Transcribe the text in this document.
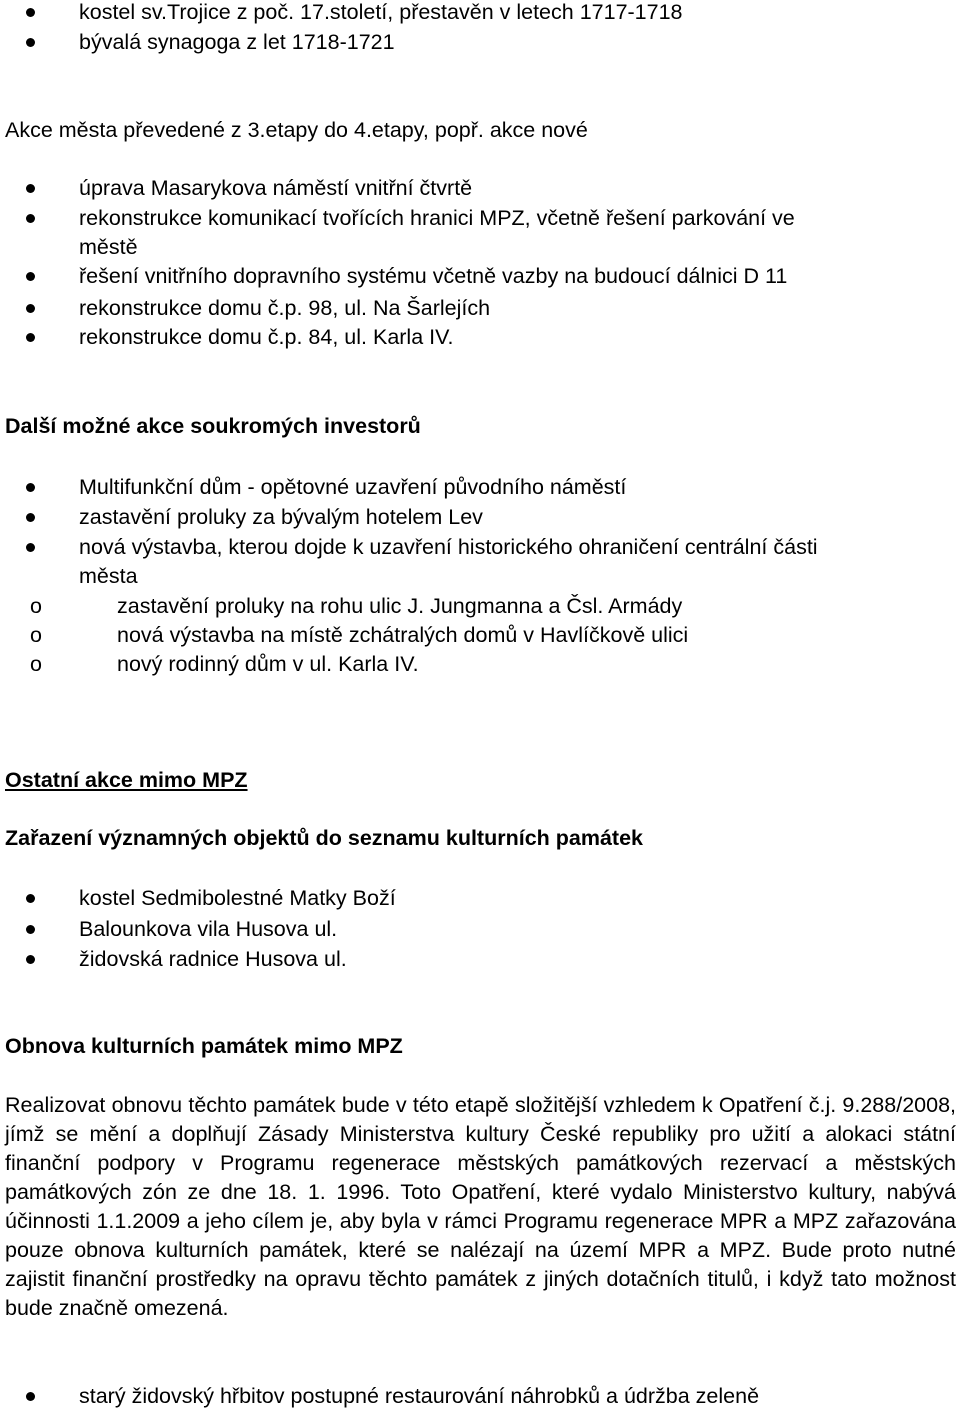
kostel sv.Trojice z poč. 17.století, přestavěn v letech 1717-1718
bývalá synagoga z let 1718-1721
Akce města převedené z 3.etapy do 4.etapy, popř. akce nové
úprava Masarykova náměstí vnitřní čtvrtě
rekonstrukce komunikací tvořících hranici MPZ, včetně řešení parkování ve
městě
řešení vnitřního dopravního systému včetně vazby na budoucí dálnici D 11
rekonstrukce domu č.p. 98, ul. Na Šarlejích
rekonstrukce domu č.p. 84, ul. Karla IV.
Další možné akce soukromých investorů
Multifunkční dům - opětovné uzavření původního náměstí
zastavění proluky za bývalým hotelem Lev
nová výstavba, kterou dojde k uzavření historického ohraničení centrální části
města
o	zastavění proluky na rohu ulic J. Jungmanna a Čsl. Armády
o	nová výstavba na místě zchátralých domů v Havlíčkově ulici
o	nový rodinný dům v ul. Karla IV.
Ostatní akce mimo MPZ
Zařazení významných objektů do seznamu kulturních památek
kostel Sedmibolestné Matky Boží
Balounkova vila Husova ul.
židovská radnice Husova ul.
Obnova kulturních památek mimo MPZ

Realizovat obnovu těchto památek bude v této etapě složitější vzhledem k Opatření č.j. 9.288/2008, jímž se mění a doplňují Zásady Ministerstva kultury České republiky pro užití a alokaci státní finanční podpory v Programu regenerace městských památkových rezervací a městských památkových zón ze dne 18. 1. 1996. Toto Opatření, které vydalo Ministerstvo kultury, nabývá účinnosti 1.1.2009 a jeho cílem je, aby byla v rámci Programu regenerace MPR a MPZ zařazována pouze obnova kulturních památek, které se nalézají na území MPR a MPZ. Bude proto nutné zajistit finanční prostředky na opravu těchto památek z jiných dotačních titulů, i když tato možnost bude značně omezená.

starý židovský hřbitov postupné restaurování náhrobků a údržba zeleně
